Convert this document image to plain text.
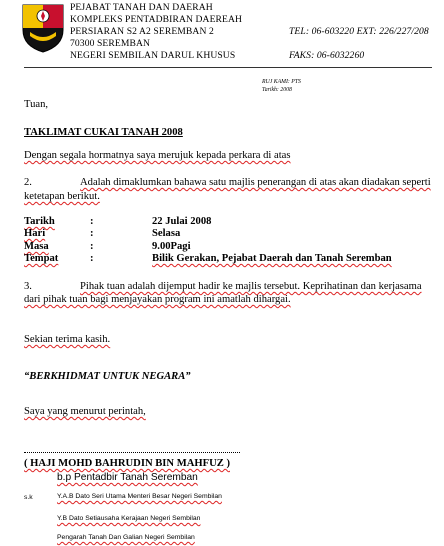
PEJABAT TANAH DAN DAERAH
KOMPLEKS PENTADBIRAN DAEREAH
PERSIARAN S2 A2 SEREMBAN 2
70300 SEREMBAN
NEGERI SEMBILAN DARUL KHUSUS
TEL: 06-603220 EXT: 226/227/208
FAKS: 06-6032260
RUJ KAMI: PTS
Tarikh: 2008
Tuan,
TAKLIMAT CUKAI TANAH 2008
Dengan segala hormatnya saya merujuk kepada perkara di atas
2.	Adalah dimaklumkan bahawa satu majlis penerangan di atas akan diadakan seperti
ketetapan berikut.
Tarikh	:	22 Julai 2008
Hari	:	Selasa
Masa	:	9.00Pagi
Tempat	:	Bilik Gerakan, Pejabat Daerah dan Tanah Seremban
3.	Pihak tuan adalah dijemput hadir ke majlis tersebut. Keprihatinan dan kerjasama
dari pihak tuan bagi menjayakan program ini amatlah dihargai.
Sekian terima kasih.
“BERKHIDMAT UNTUK NEGARA”
Saya yang menurut perintah,
( HAJI MOHD BAHRUDIN BIN MAHFUZ )
b.p Pentadbir Tanah Seremban
s.k	Y.A.B Dato Seri Utama Menteri Besar Negeri Sembilan
Y.B Dato Setiausaha Kerajaan Negeri Sembilan
Pengarah Tanah Dan Galian Negeri Sembilan
